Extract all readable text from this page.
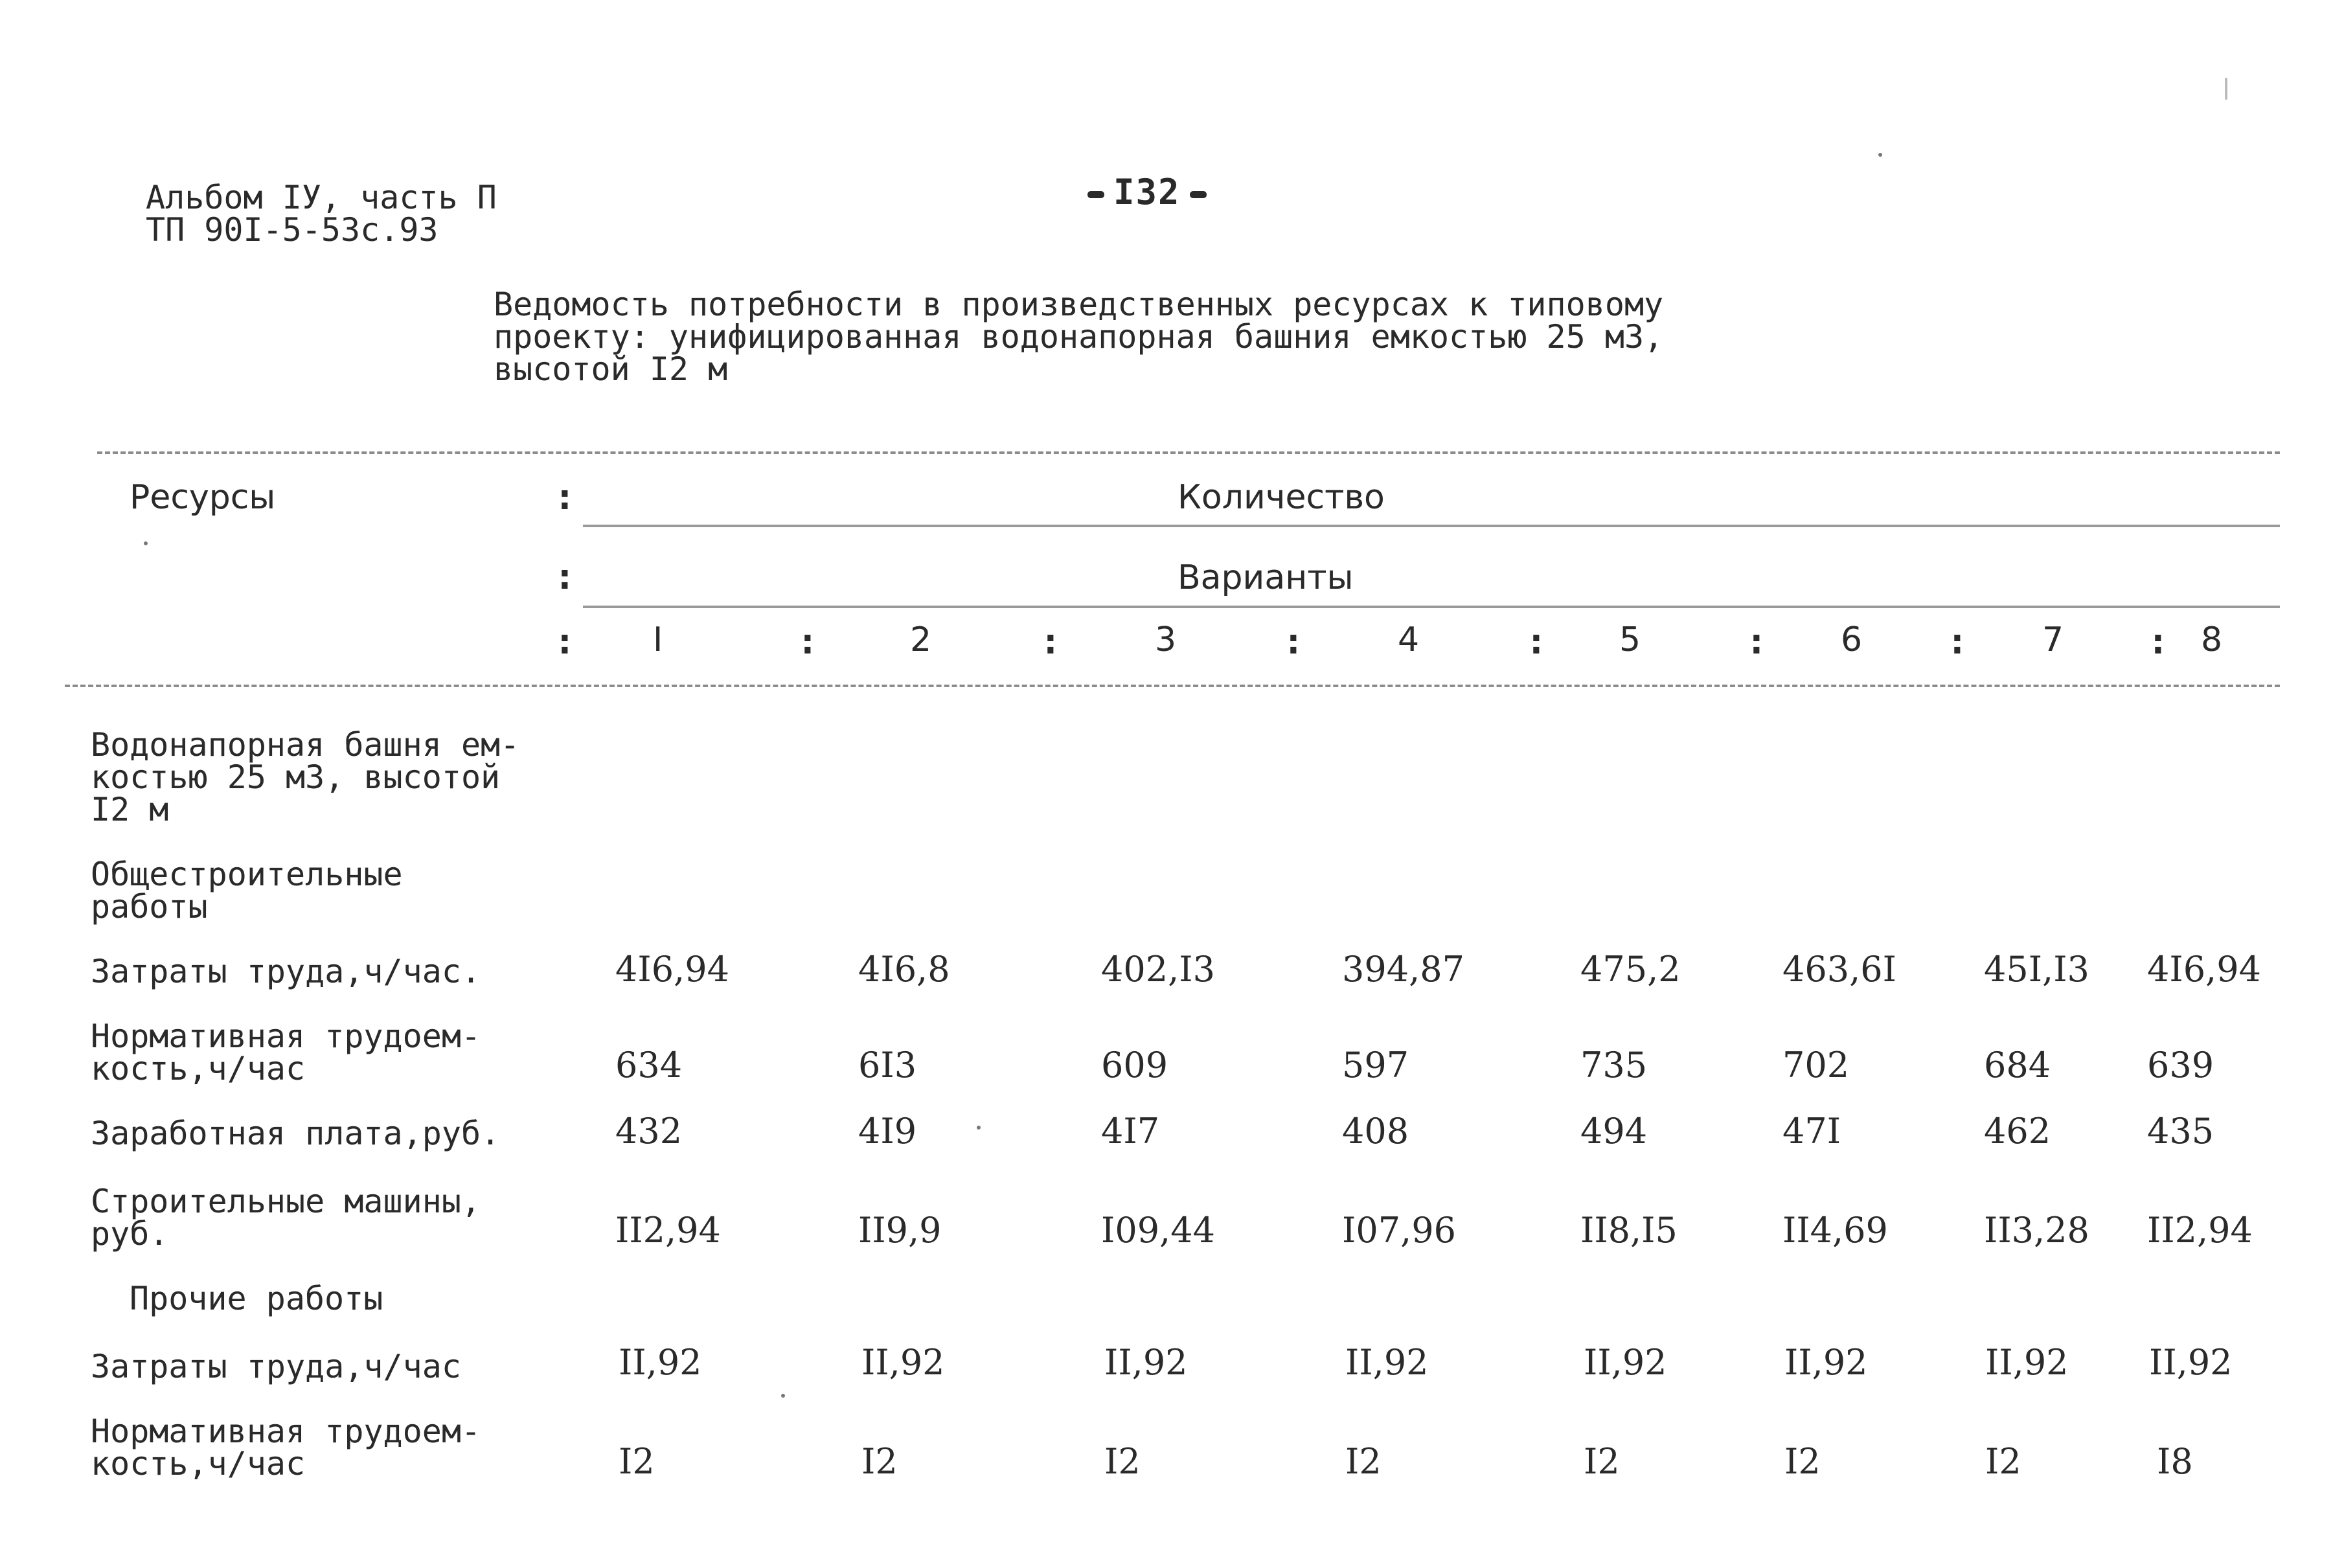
Альбом IУ, часть П
ТП 90I-5-53с.93
I32
Ведомость потребности в произведственных ресурсах к типовому
проекту: унифицированная водонапорная башния емкостью 25 м3,
высотой I2 м
Ресурсы	:	Количество
:	Варианты
: I	:	2	:	3	:	4	: 5	: 6 : 7 : 8
Водонапорная башня ем-
костью 25 м3, высотой
I2 м
Общестроительные
работы
Затраты труда,ч/час.	4I6,94	4I6,8	402,I3	394,87	475,2	463,6I	45I,I3 4I6,94
Нормативная трудоем-
кость,ч/час	634	6I3	609	597	735	702	684	639
Заработная плата,руб.	432	4I9	4I7	408	494	47I	462	435
Строительные машины,
руб.	II2,94	II9,9	I09,44	I07,96	II8,I5	II4,69	II3,28 II2,94
Прочие работы
Затраты труда,ч/час	II,92	II,92	II,92	II,92	II,92	II,92	II,92 II,92
Нормативная трудоем-
кость,ч/час	I2	I2	I2	I2	I2	I2	I2	I8
